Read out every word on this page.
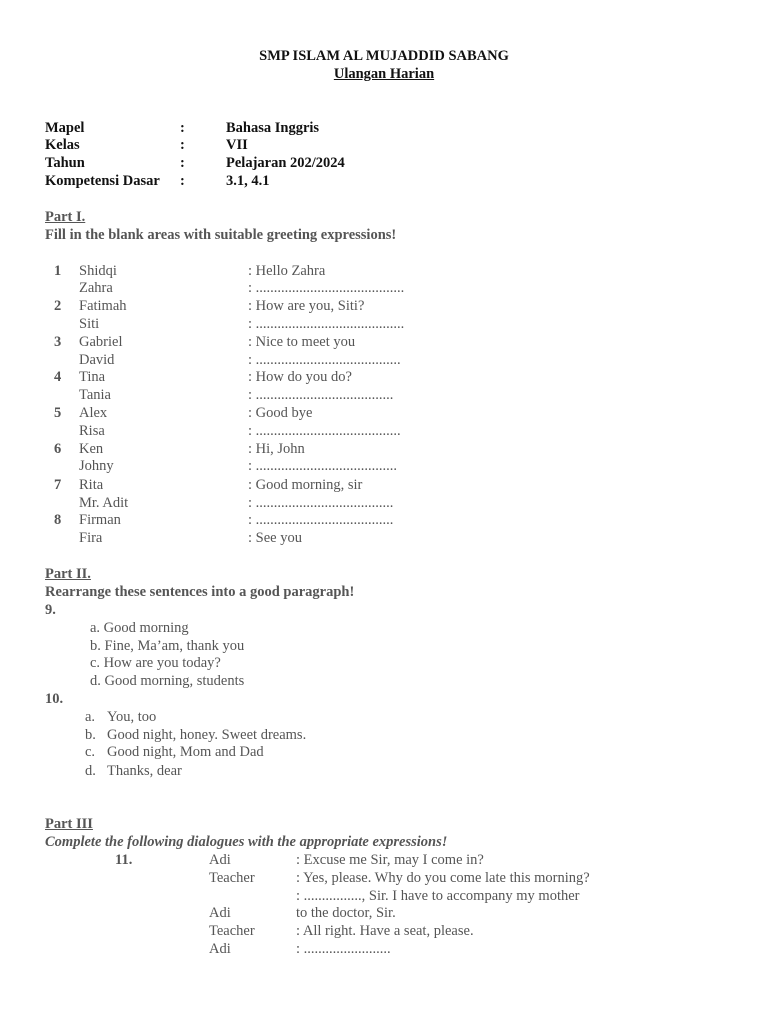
SMP ISLAM AL MUJADDID SABANG
Ulangan Harian
Mapel	:	Bahasa Inggris
Kelas	:	VII
Tahun	:	Pelajaran 202/2024
Kompetensi Dasar :	3.1, 4.1
Part I.
Fill in the blank areas with suitable greeting expressions!
1 Shidqi	: Hello Zahra
Zahra	: .........................................
2 Fatimah	: How are you, Siti?
Siti	: .........................................
3 Gabriel	: Nice to meet you
David	: ........................................
4 Tina	: How do you do?
Tania	: ......................................
5 Alex	: Good bye
Risa	: ........................................
6 Ken	: Hi, John
Johny	: .......................................
7 Rita	: Good morning, sir
Mr. Adit	: ......................................
8 Firman	: ......................................
Fira	: See you
Part II.
Rearrange these sentences into a good paragraph!
9.
a. Good morning
b. Fine, Ma’am, thank you
c. How are you today?
d. Good morning, students
10.
a. You, too
b. Good night, honey. Sweet dreams.
c. Good night, Mom and Dad
d. Thanks, dear
Part III
Complete the following dialogues with the appropriate expressions!
11.	Adi	: Excuse me Sir, may I come in?
Teacher	: Yes, please. Why do you come late this morning?
: ................, Sir. I have to accompany my mother
Adi	to the doctor, Sir.
Teacher	: All right. Have a seat, please.
Adi	: ........................
